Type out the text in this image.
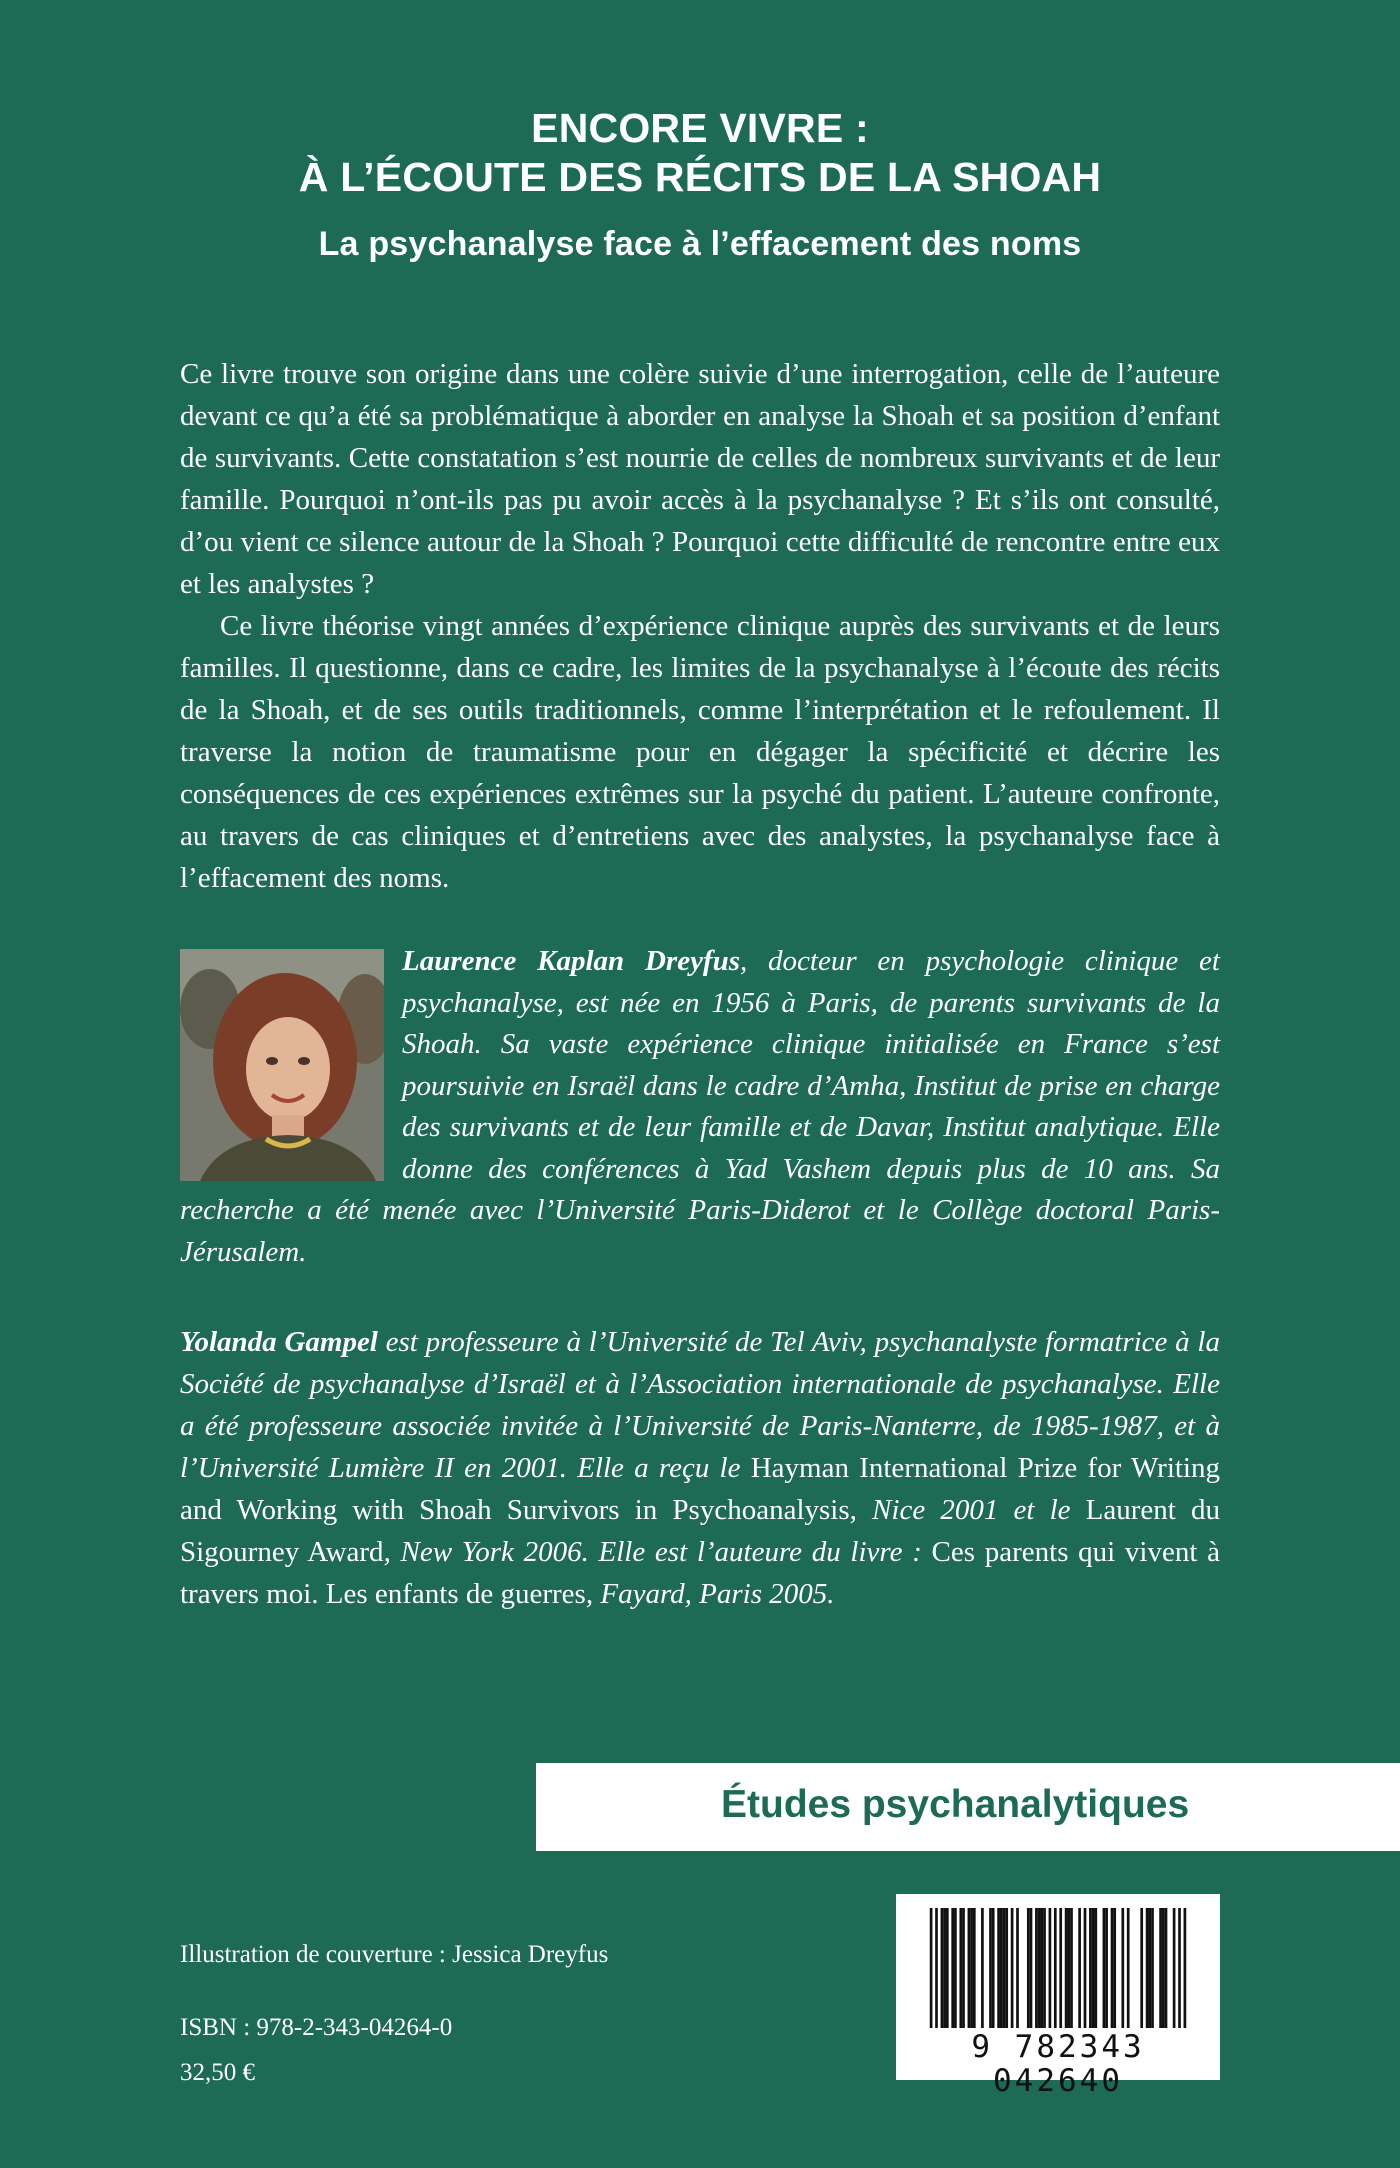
ENCORE VIVRE :
À L’ÉCOUTE DES RÉCITS DE LA SHOAH
La psychanalyse face à l’effacement des noms
Ce livre trouve son origine dans une colère suivie d’une interrogation, celle de l’auteure devant ce qu’a été sa problématique à aborder en analyse la Shoah et sa position d’enfant de survivants. Cette constatation s’est nourrie de celles de nombreux survivants et de leur famille. Pourquoi n’ont-ils pas pu avoir accès à la psychanalyse ? Et s’ils ont consulté, d’ou vient ce silence autour de la Shoah ? Pourquoi cette difficulté de rencontre entre eux et les analystes ?
Ce livre théorise vingt années d’expérience clinique auprès des survivants et de leurs familles. Il questionne, dans ce cadre, les limites de la psychanalyse à l’écoute des récits de la Shoah, et de ses outils traditionnels, comme l’interprétation et le refoulement. Il traverse la notion de traumatisme pour en dégager la spécificité et décrire les conséquences de ces expériences extrêmes sur la psyché du patient. L’auteure confronte, au travers de cas cliniques et d’entretiens avec des analystes, la psychanalyse face à l’effacement des noms.
Laurence Kaplan Dreyfus, docteur en psychologie clinique et psychanalyse, est née en 1956 à Paris, de parents survivants de la Shoah. Sa vaste expérience clinique initialisée en France s’est poursuivie en Israël dans le cadre d’Amha, Institut de prise en charge des survivants et de leur famille et de Davar, Institut analytique. Elle donne des conférences à Yad Vashem depuis plus de 10 ans. Sa recherche a été menée avec l’Université Paris-Diderot et le Collège doctoral Paris-Jérusalem.
Yolanda Gampel est professeure à l’Université de Tel Aviv, psychanalyste formatrice à la Société de psychanalyse d’Israël et à l’Association internationale de psychanalyse. Elle a été professeure associée invitée à l’Université de Paris-Nanterre, de 1985-1987, et à l’Université Lumière II en 2001. Elle a reçu le Hayman International Prize for Writing and Working with Shoah Survivors in Psychoanalysis, Nice 2001 et le Laurent du Sigourney Award, New York 2006. Elle est l’auteure du livre : Ces parents qui vivent à travers moi. Les enfants de guerres, Fayard, Paris 2005.
Études psychanalytiques
Illustration de couverture : Jessica Dreyfus
ISBN : 978-2-343-04264-0
32,50 €
9 782343 042640
